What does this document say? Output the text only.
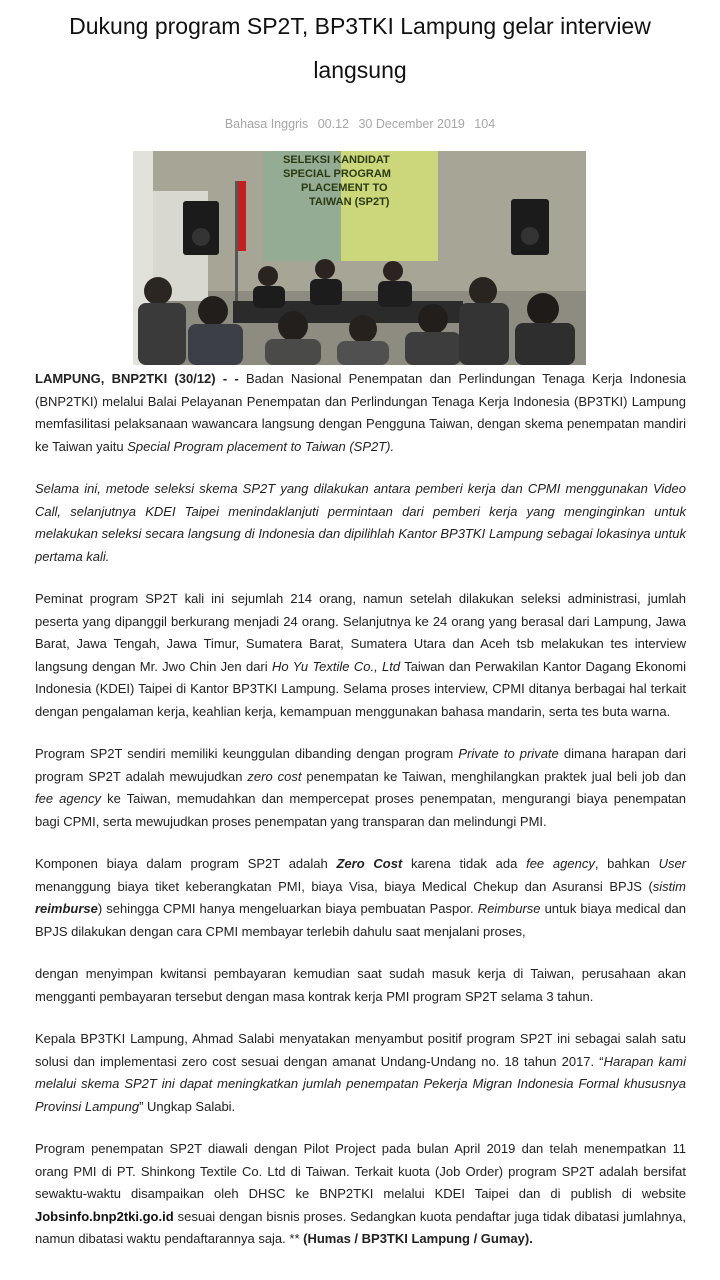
Dukung program SP2T, BP3TKI Lampung gelar interview langsung
Bahasa Inggris 00.12 30 December 2019 104
SELEKSI KANDIDAT
SPECIAL PROGRAM
PLACEMENT TO
TAIWAN (SP2T)

LAMPUNG, BNP2TKI (30/12) - - Badan Nasional Penempatan dan Perlindungan Tenaga Kerja Indonesia (BNP2TKI) melalui Balai Pelayanan Penempatan dan Perlindungan Tenaga Kerja Indonesia (BP3TKI) Lampung memfasilitasi pelaksanaan wawancara langsung dengan Pengguna Taiwan, dengan skema penempatan mandiri ke Taiwan yaitu Special Program placement to Taiwan (SP2T).

Selama ini, metode seleksi skema SP2T yang dilakukan antara pemberi kerja dan CPMI menggunakan Video Call, selanjutnya KDEI Taipei menindaklanjuti permintaan dari pemberi kerja yang menginginkan untuk melakukan seleksi secara langsung di Indonesia dan dipilihlah Kantor BP3TKI Lampung sebagai lokasinya untuk pertama kali.

Peminat program SP2T kali ini sejumlah 214 orang, namun setelah dilakukan seleksi administrasi, jumlah peserta yang dipanggil berkurang menjadi 24 orang. Selanjutnya ke 24 orang yang berasal dari Lampung, Jawa Barat, Jawa Tengah, Jawa Timur, Sumatera Barat, Sumatera Utara dan Aceh tsb melakukan tes interview langsung dengan Mr. Jwo Chin Jen dari Ho Yu Textile Co., Ltd Taiwan dan Perwakilan Kantor Dagang Ekonomi Indonesia (KDEI) Taipei di Kantor BP3TKI Lampung. Selama proses interview, CPMI ditanya berbagai hal terkait dengan pengalaman kerja, keahlian kerja, kemampuan menggunakan bahasa mandarin, serta tes buta warna.

Program SP2T sendiri memiliki keunggulan dibanding dengan program Private to private dimana harapan dari program SP2T adalah mewujudkan zero cost penempatan ke Taiwan, menghilangkan praktek jual beli job dan fee agency ke Taiwan, memudahkan dan mempercepat proses penempatan, mengurangi biaya penempatan bagi CPMI, serta mewujudkan proses penempatan yang transparan dan melindungi PMI.

Komponen biaya dalam program SP2T adalah Zero Cost karena tidak ada fee agency, bahkan User menanggung biaya tiket keberangkatan PMI, biaya Visa, biaya Medical Chekup dan Asuransi BPJS (sistim reimburse) sehingga CPMI hanya mengeluarkan biaya pembuatan Paspor. Reimburse untuk biaya medical dan BPJS dilakukan dengan cara CPMI membayar terlebih dahulu saat menjalani proses,

dengan menyimpan kwitansi pembayaran kemudian saat sudah masuk kerja di Taiwan, perusahaan akan mengganti pembayaran tersebut dengan masa kontrak kerja PMI program SP2T selama 3 tahun.

Kepala BP3TKI Lampung, Ahmad Salabi menyatakan menyambut positif program SP2T ini sebagai salah satu solusi dan implementasi zero cost sesuai dengan amanat Undang-Undang no. 18 tahun 2017. “Harapan kami melalui skema SP2T ini dapat meningkatkan jumlah penempatan Pekerja Migran Indonesia Formal khususnya Provinsi Lampung” Ungkap Salabi.

Program penempatan SP2T diawali dengan Pilot Project pada bulan April 2019 dan telah menempatkan 11 orang PMI di PT. Shinkong Textile Co. Ltd di Taiwan. Terkait kuota (Job Order) program SP2T adalah bersifat sewaktu-waktu disampaikan oleh DHSC ke BNP2TKI melalui KDEI Taipei dan di publish di website Jobsinfo.bnp2tki.go.id sesuai dengan bisnis proses. Sedangkan kuota pendaftar juga tidak dibatasi jumlahnya, namun dibatasi waktu pendaftarannya saja. ** (Humas / BP3TKI Lampung / Gumay).
